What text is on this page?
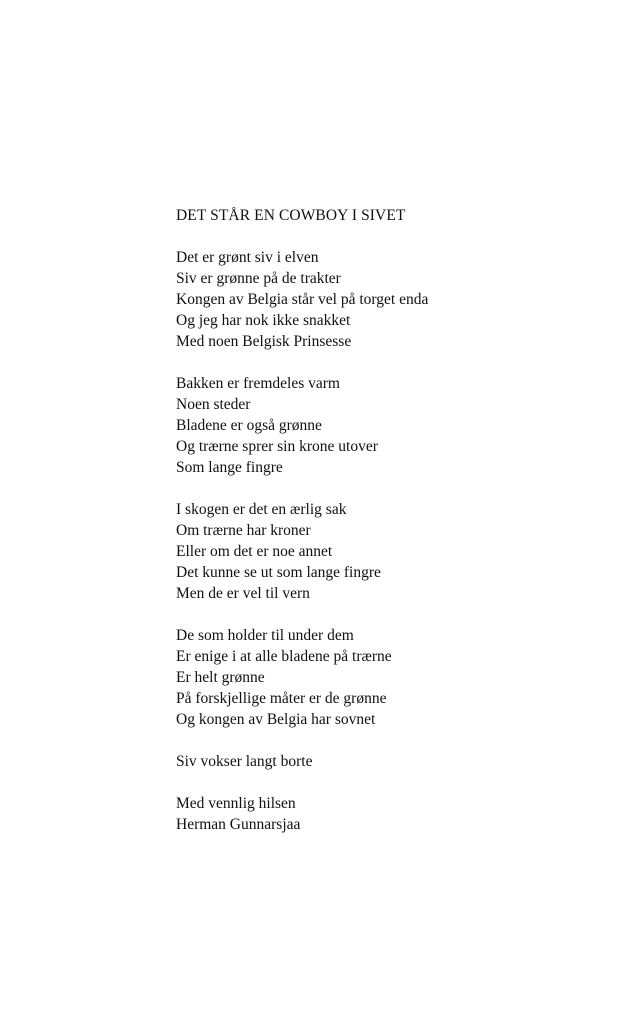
DET STÅR EN COWBOY I SIVET
Det er grønt siv i elven
Siv er grønne på de trakter
Kongen av Belgia står vel på torget enda
Og jeg har nok ikke snakket
Med noen Belgisk Prinsesse
Bakken er fremdeles varm
Noen steder
Bladene er også grønne
Og trærne sprer sin krone utover
Som lange fingre
I skogen er det en ærlig sak
Om trærne har kroner
Eller om det er noe annet
Det kunne se ut som lange fingre
Men de er vel til vern
De som holder til under dem
Er enige i at alle bladene på trærne
Er helt grønne
På forskjellige måter er de grønne
Og kongen av Belgia har sovnet
Siv vokser langt borte
Med vennlig hilsen
Herman Gunnarsjaa
